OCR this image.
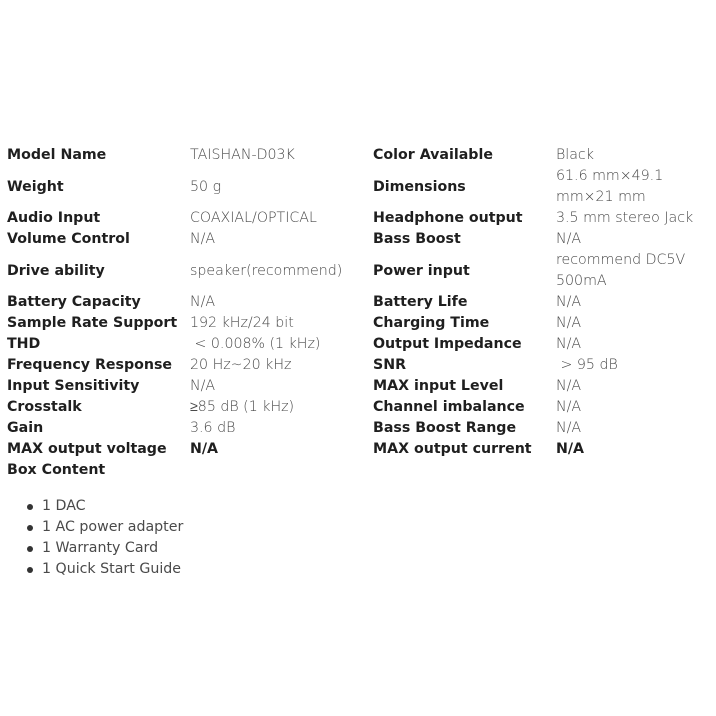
Model Name	TAISHAN-D03K	Color Available	Black
Weight	50 g	Dimensions
61.6 mm×49.1 mm×21 mm
Audio Input	COAXIAL/OPTICAL	Headphone output	3.5 mm stereo Jack
Volume Control	N/A	Bass Boost	N/A
Drive ability	speaker(recommend)	Power input
recommend DC5V 500mA
Battery Capacity	N/A	Battery Life	N/A
Sample Rate Support 192 kHz/24 bit	Charging Time	N/A
THD	< 0.008% (1 kHz)	Output Impedance	N/A
Frequency Response	20 Hz~20 kHz	SNR	> 95 dB
Input Sensitivity	N/A	MAX input Level	N/A
Crosstalk	≥85 dB (1 kHz)	Channel imbalance	N/A
Gain	3.6 dB	Bass Boost Range	N/A
MAX output voltage	N/A	MAX output current	N/A
Box Content
1 DAC
1 AC power adapter
1 Warranty Card
1 Quick Start Guide
